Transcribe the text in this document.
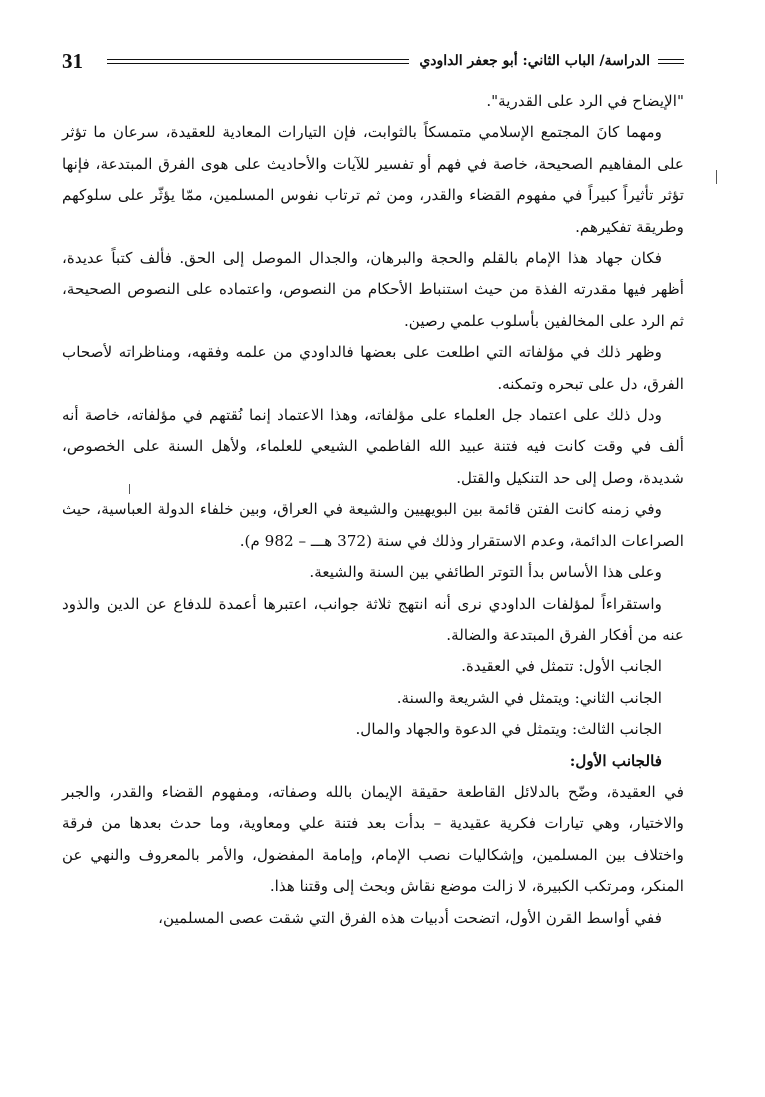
31	الدراسة/ الباب الثاني: أبو جعفر الداودي

"الإيضاح في الرد على القدرية".

ومهما كانَ المجتمع الإسلامي متمسكاً بالثوابت، فإن التيارات المعادية للعقيدة، سرعان ما تؤثر على المفاهيم الصحيحة، خاصة في فهم أو تفسير للآيات والأحاديث على هوى الفرق المبتدعة، فإنها تؤثر تأثيراً كبيراً في مفهوم القضاء والقدر، ومن ثم ترتاب نفوس المسلمين، ممّا يؤثّر على سلوكهم وطريقة تفكيرهم.

فكان جهاد هذا الإمام بالقلم والحجة والبرهان، والجدال الموصل إلى الحق. فألف كتباً عديدة، أظهر فيها مقدرته الفذة من حيث استنباط الأحكام من النصوص، واعتماده على النصوص الصحيحة، ثم الرد على المخالفين بأسلوب علمي رصين.

وظهر ذلك في مؤلفاته التي اطلعت على بعضها فالداودي من علمه وفقهه، ومناظراته لأصحاب الفرق، دل على تبحره وتمكنه.

ودل ذلك على اعتماد جل العلماء على مؤلفاته، وهذا الاعتماد إنما نُقتهم في مؤلفاته، خاصة أنه ألف في وقت كانت فيه فتنة عبيد الله الفاطمي الشيعي للعلماء، ولأهل السنة على الخصوص، شديدة، وصل إلى حد التنكيل والقتل.

وفي زمنه كانت الفتن قائمة بين البويهيين والشيعة في العراق، وبين خلفاء الدولة العباسية، حيث الصراعات الدائمة، وعدم الاستقرار وذلك في سنة (372 هـــ – 982 م).

وعلى هذا الأساس بدأ التوتر الطائفي بين السنة والشيعة.

واستقراءاً لمؤلفات الداودي نرى أنه انتهج ثلاثة جوانب، اعتبرها أعمدة للدفاع عن الدين والذود عنه من أفكار الفرق المبتدعة والضالة.

الجانب الأول: تتمثل في العقيدة.

الجانب الثاني: ويتمثل في الشريعة والسنة.

الجانب الثالث: ويتمثل في الدعوة والجهاد والمال.

فالجانب الأول:

في العقيدة، وضّح بالدلائل القاطعة حقيقة الإيمان بالله وصفاته، ومفهوم القضاء والقدر، والجبر والاختيار، وهي تيارات فكرية عقيدية – بدأت بعد فتنة علي ومعاوية، وما حدث بعدها من فرقة واختلاف بين المسلمين، وإشكاليات نصب الإمام، وإمامة المفضول، والأمر بالمعروف والنهي عن المنكر، ومرتكب الكبيرة، لا زالت موضع نقاش وبحث إلى وقتنا هذا.

ففي أواسط القرن الأول، اتضحت أدبيات هذه الفرق التي شقت عصى المسلمين،
